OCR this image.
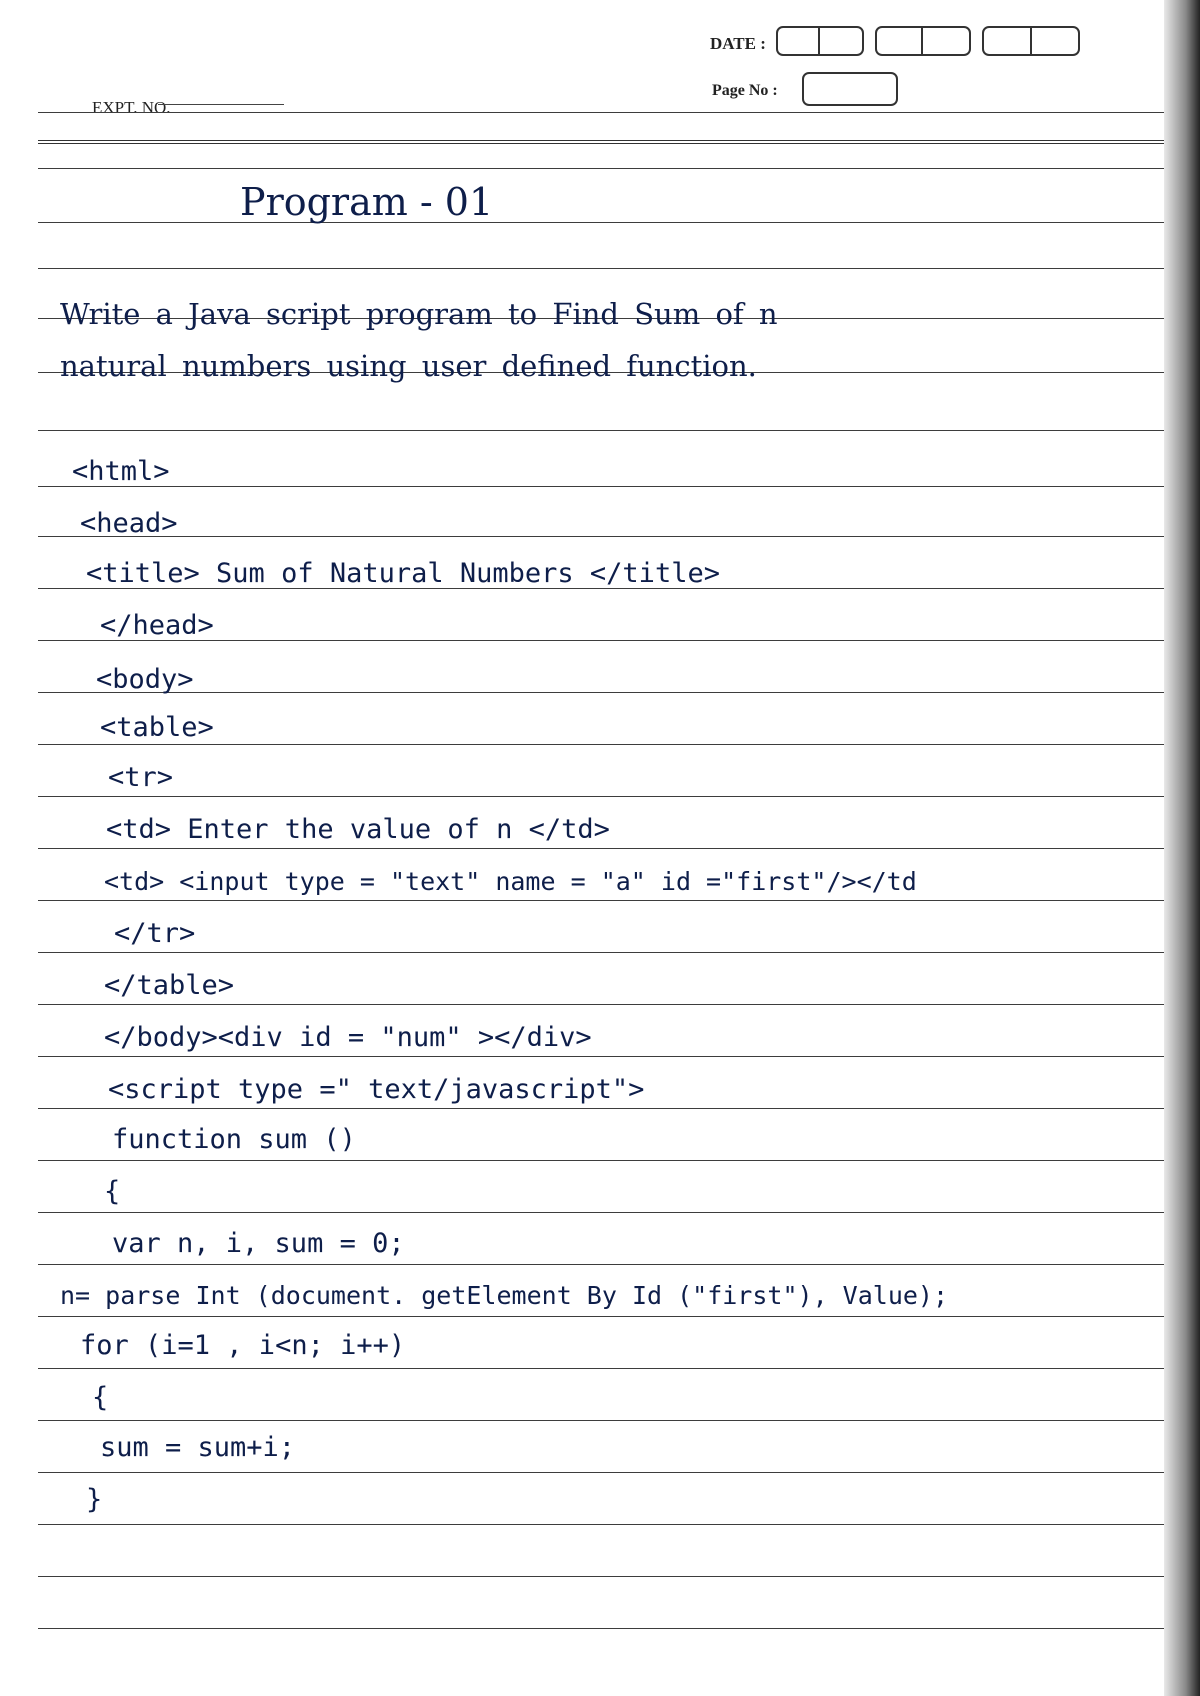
EXPT. NO.
DATE :
Page No :
Program - 01
Write a Java script program to Find Sum of n
natural numbers using user defined function.
<html>
<head>
<title> Sum of Natural Numbers </title>
</head>
<body>
<table>
<tr>
<td> Enter the value of n </td>
<td> <input type = "text" name = "a" id ="first"/></td
</tr>
</table>
</body><div id = "num" ></div>
<script type =" text/javascript">
function sum ()
{
var n, i, sum = 0;
n= parse Int (document. getElement By Id ("first"), Value);
for (i=1 , i<n; i++)
{
sum = sum+i;
}
